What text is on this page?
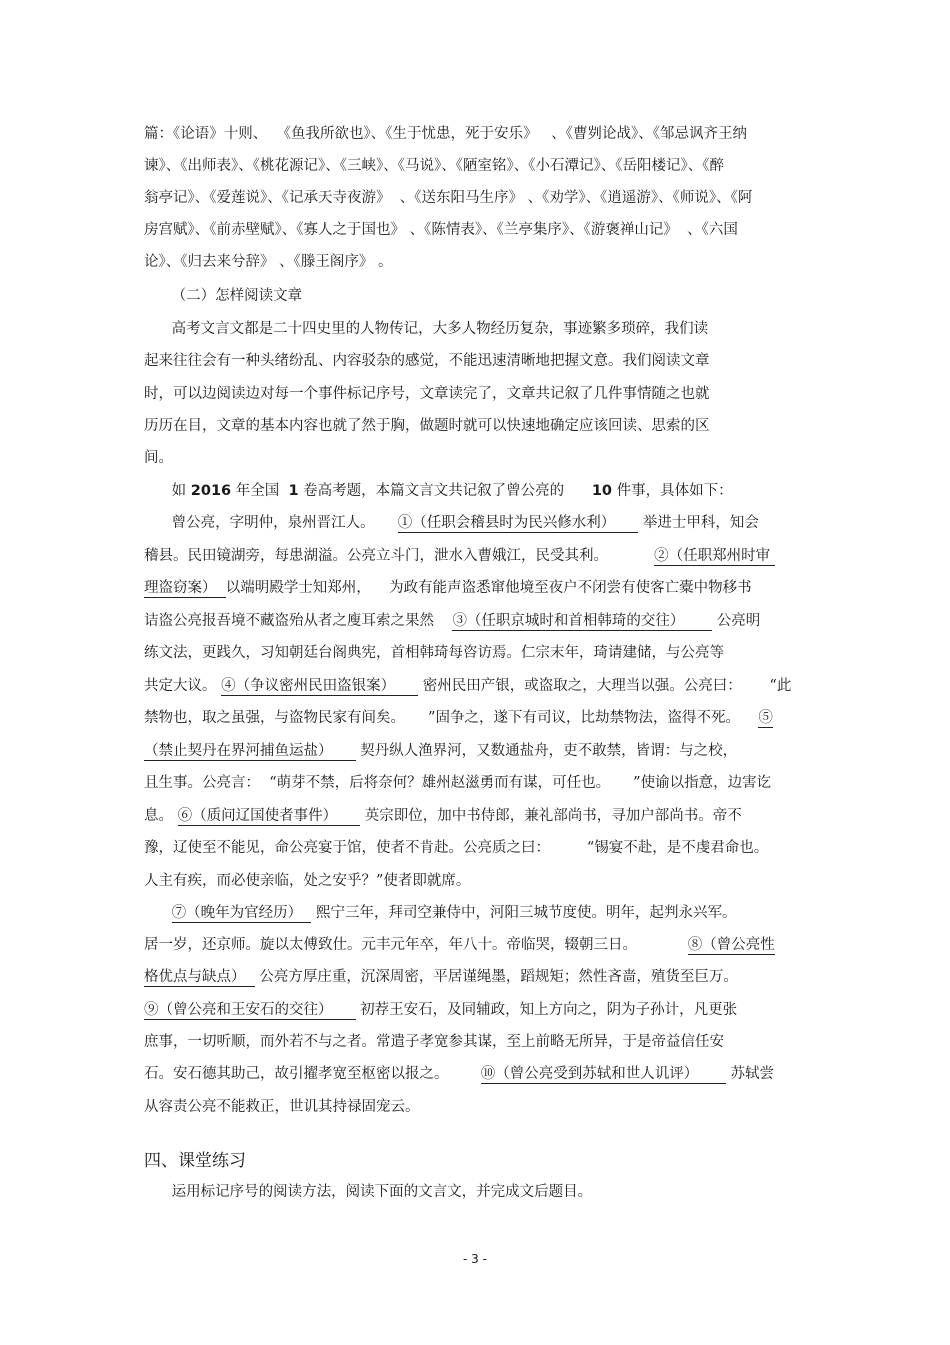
篇：《论语》十则、  《鱼我所欲也》、《生于忧患，死于安乐》   、《曹刿论战》、《邹忌讽齐王纳
谏》、《出师表》、《桃花源记》、《三峡》、《马说》、《陋室铭》、《小石潭记》、《岳阳楼记》、《醉
翁亭记》、《爱莲说》、《记承天寺夜游》  、《送东阳马生序》 、《劝学》、《逍遥游》、《师说》、《阿
房宫赋》、《前赤壁赋》、《寡人之于国也》 、《陈情表》、《兰亭集序》、《游褒禅山记》  、《六国
论》、《归去来兮辞》 、《滕王阁序》 。
（二）怎样阅读文章
高考文言文都是二十四史里的人物传记，大多人物经历复杂，事迹繁多琐碎，我们读
起来往往会有一种头绪纷乱、内容驳杂的感觉，不能迅速清晰地把握文意。我们阅读文章
时，可以边阅读边对每一个事件标记序号，文章读完了，文章共记叙了几件事情随之也就
历历在目，文章的基本内容也就了然于胸，做题时就可以快速地确定应该回读、思索的区
间。
如 2016 年全国  1 卷高考题，本篇文言文共记叙了曾公亮的      10 件事，具体如下：
曾公亮，字明仲，泉州晋江人。     ①（任职会稽县时为民兴修水利）      举进士甲科，知会
稽县。民田镜湖旁，每患湖溢。公亮立斗门，泄水入曹娥江，民受其利。          ②（任职郑州时审
理盗窃案）  以端明殿学士知郑州，    为政有能声盗悉窜他境至夜户不闭尝有使客亡橐中物移书
诘盗公亮报吾境不藏盗殆从者之廋耳索之果然    ③（任职京城时和首相韩琦的交往）       公亮明
练文法，更践久，习知朝廷台阁典宪，首相韩琦每咨访焉。仁宗末年，琦请建储，与公亮等
共定大议。 ④（争议密州民田盗银案）      密州民田产银，或盗取之，大理当以强。公亮曰：      “此
禁物也，取之虽强，与盗物民家有间矣。     ”固争之，遂下有司议，比劫禁物法，盗得不死。    ⑤
（禁止契丹在界河捕鱼运盐）      契丹纵人渔界河，又数通盐舟，吏不敢禁，皆谓：与之校，
且生事。公亮言：  “萌芽不禁，后将奈何？雄州赵滋勇而有谋，可任也。     ”使谕以指意，边害讫
息。 ⑥（质问辽国使者事件）      英宗即位，加中书侍郎，兼礼部尚书，寻加户部尚书。帝不
豫，辽使至不能见，命公亮宴于馆，使者不肯赴。公亮质之曰：        “锡宴不赴，是不虔君命也。
人主有疾，而必使亲临，处之安乎？”使者即就席。
⑦（晚年为官经历）   熙宁三年，拜司空兼侍中，河阳三城节度使。明年，起判永兴军。
居一岁，还京师。旋以太傅致仕。元丰元年卒，年八十。帝临哭，辍朝三日。           ⑧（曾公亮性
格优点与缺点）   公亮方厚庄重，沉深周密，平居谨绳墨，蹈规矩；然性吝啬，殖货至巨万。
⑨（曾公亮和王安石的交往）      初荐王安石，及同辅政，知上方向之，阴为子孙计，凡更张
庶事，一切听顺，而外若不与之者。常遣子孝宽参其谋，至上前略无所异，于是帝益信任安
石。安石德其助己，故引擢孝宽至枢密以报之。       ⑩（曾公亮受到苏轼和世人讥评）       苏轼尝
从容责公亮不能救正，世讥其持禄固宠云。
四、课堂练习
运用标记序号的阅读方法，阅读下面的文言文，并完成文后题目。
- 3 -
